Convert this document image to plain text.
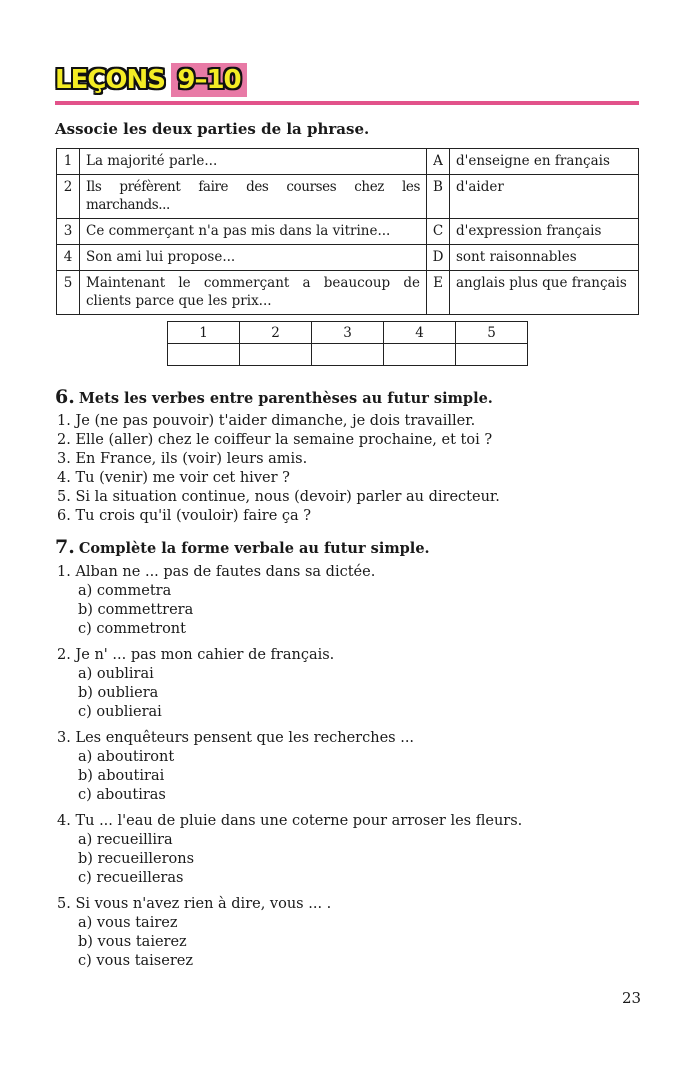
LEÇONS 9–10
Associe les deux parties de la phrase.
1	La majorité parle...	A	d'enseigne en français
2	Ils préfèrent faire des courses chez les marchands...	B	d'aider
3	Ce commerçant n'a pas mis dans la vitrine...	C	d'expression français
4	Son ami lui propose...	D	sont raisonnables
5	Maintenant le commerçant a beaucoup de clients parce que les prix...	E	anglais plus que français
1	2	3	4	5

6. Mets les verbes entre parenthèses au futur simple.
1. Je (ne pas pouvoir) t'aider dimanche, je dois travailler.
2. Elle (aller) chez le coiffeur la semaine prochaine, et toi ?
3. En France, ils (voir) leurs amis.
4. Tu (venir) me voir cet hiver ?
5. Si la situation continue, nous (devoir) parler au directeur.
6. Tu crois qu'il (vouloir) faire ça ?
7. Complète la forme verbale au futur simple.
1. Alban ne ... pas de fautes dans sa dictée.
a) commetra
b) commettrera
c) commetront
2. Je n' ... pas mon cahier de français.
a) oublirai
b) oubliera
c) oublierai
3. Les enquêteurs pensent que les recherches ...
a) aboutiront
b) aboutirai
c) aboutiras
4. Tu ... l'eau de pluie dans une coterne pour arroser les fleurs.
a) recueillira
b) recueillerons
c) recueilleras
5. Si vous n'avez rien à dire, vous ... .
a) vous tairez
b) vous taierez
c) vous taiserez
23
